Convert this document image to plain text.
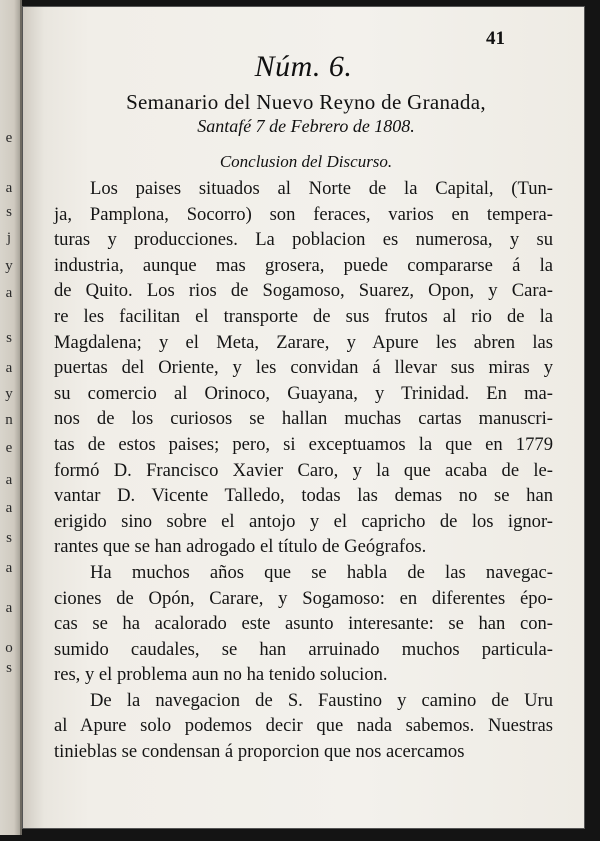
e
a
s
j
y
a
s
a
y
n
e
a
a
s
a
a
o
s
41
Núm. 6.
Semanario del Nuevo Reyno de Granada,
Santafé 7 de Febrero de 1808.
Conclusion del Discurso.
Los paises situados al Norte de la Capital, (Tun-
ja, Pamplona, Socorro) son feraces, varios en tempera-
turas y producciones. La poblacion es numerosa, y su
industria, aunque mas grosera, puede compararse á la
de Quito. Los rios de Sogamoso, Suarez, Opon, y Cara-
re les facilitan el transporte de sus frutos al rio de la
Magdalena; y el Meta, Zarare, y Apure les abren las
puertas del Oriente, y les convidan á llevar sus miras y
su comercio al Orinoco, Guayana, y Trinidad. En ma-
nos de los curiosos se hallan muchas cartas manuscri-
tas de estos paises; pero, si exceptuamos la que en 1779
formó D. Francisco Xavier Caro, y la que acaba de le-
vantar D. Vicente Talledo, todas las demas no se han
erigido sino sobre el antojo y el capricho de los ignor-
rantes que se han adrogado el título de Geógrafos.
Ha muchos años que se habla de las navegac-
ciones de Opón, Carare, y Sogamoso: en diferentes épo-
cas se ha acalorado este asunto interesante: se han con-
sumido caudales, se han arruinado muchos particula-
res, y el problema aun no ha tenido solucion.
De la navegacion de S. Faustino y camino de Uru
al Apure solo podemos decir que nada sabemos. Nuestras
tinieblas se condensan á proporcion que nos acercamos
